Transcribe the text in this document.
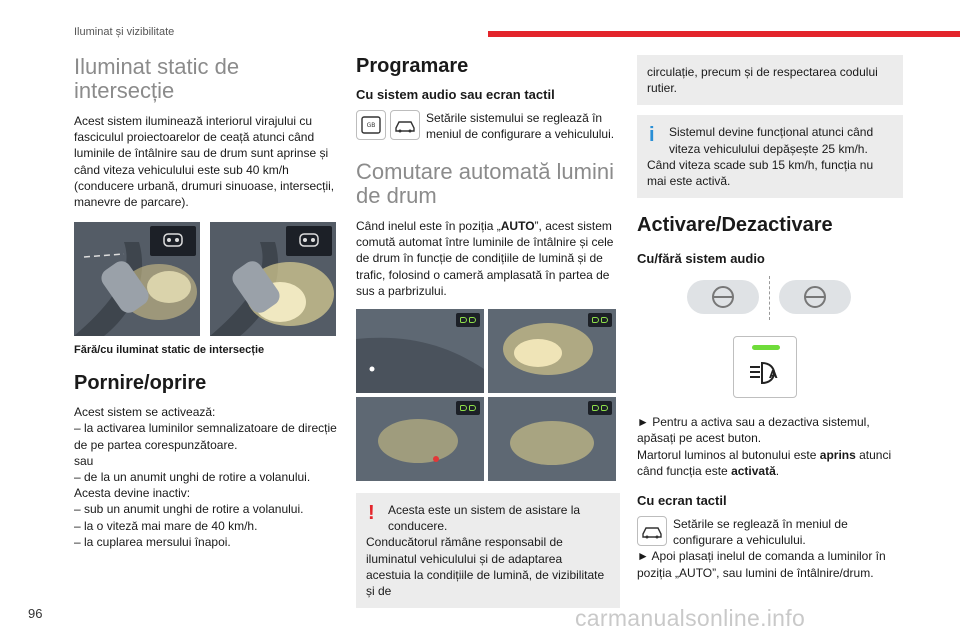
Iluminat și vizibilitate
Iluminat static de intersecție
Acest sistem iluminează interiorul virajului cu fasciculul proiectoarelor de ceață atunci când luminile de întâlnire sau de drum sunt aprinse și când viteza vehiculului este sub 40 km/h (conducere urbană, drumuri sinuoase, intersecții, manevre de parcare).
Fără/cu iluminat static de intersecție
Pornire/oprire
Acest sistem se activează:
– la activarea luminilor semnalizatoare de direcție de pe partea corespunzătoare.
sau
– de la un anumit unghi de rotire a volanului.
Acesta devine inactiv:
– sub un anumit unghi de rotire a volanului.
– la o viteză mai mare de 40 km/h.
– la cuplarea mersului înapoi.
Programare
Cu sistem audio sau ecran tactil
GB
Setările sistemului se reglează în meniul de configurare a vehiculului.
Comutare automată lumini de drum
Când inelul este în poziția „AUTO”, acest sistem comută automat între luminile de întâlnire și cele de drum în funcție de condițiile de lumină și de trafic, folosind o cameră amplasată în partea de sus a parbrizului.
!	Acesta este un sistem de asistare la
conducere.
Conducătorul rămâne responsabil de iluminatul vehiculului și de adaptarea acestuia la condițiile de lumină, de vizibilitate și de
circulație, precum și de respectarea codului rutier.
i	Sistemul devine funcțional atunci când
viteza vehiculului depășește 25 km/h.
Când viteza scade sub 15 km/h, funcția nu mai este activă.
Activare/Dezactivare
Cu/fără sistem audio
A
► Pentru a activa sau a dezactiva sistemul, apăsați pe acest buton.
Martorul luminos al butonului este aprins atunci când funcția este activată.
Cu ecran tactil
Setările se reglează în meniul de configurare a vehiculului.
► Apoi plasați inelul de comanda a luminilor în poziția „AUTO”, sau lumini de întâlnire/drum.
96	carmanualsonline.info
